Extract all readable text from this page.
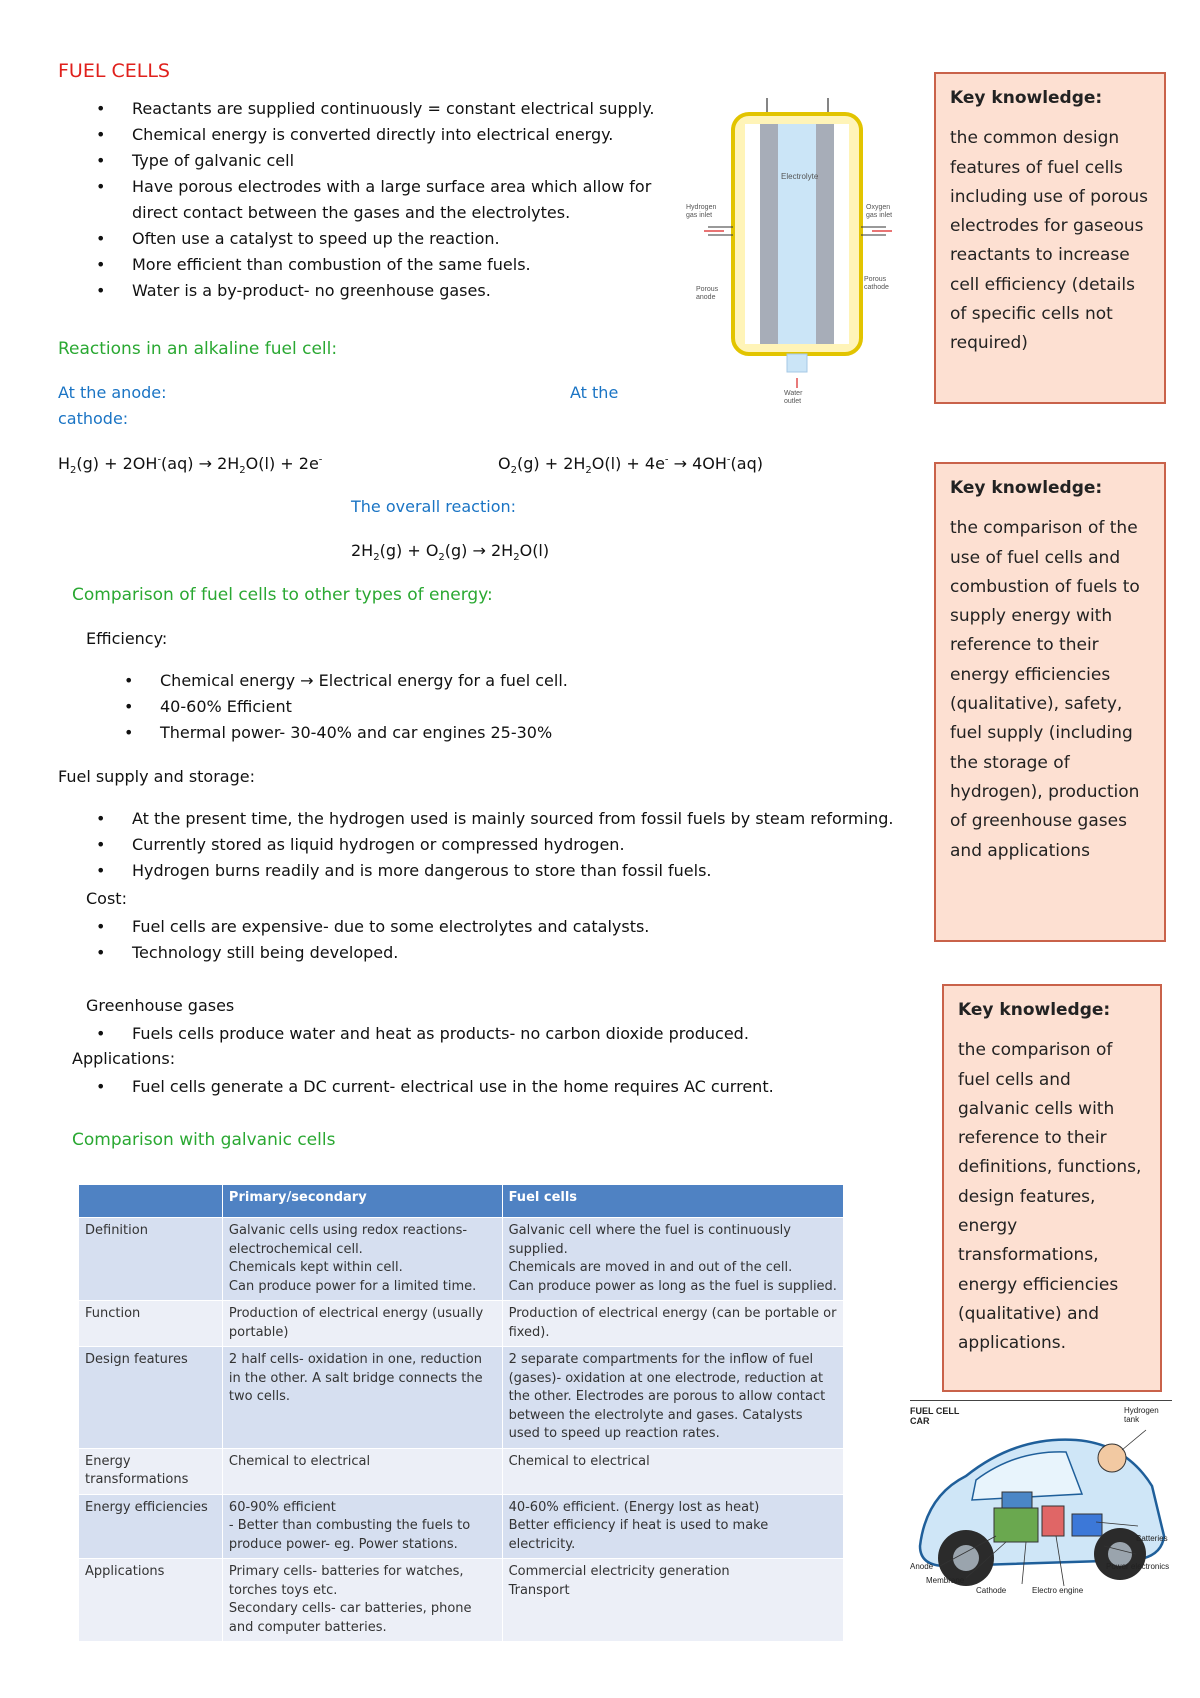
FUEL CELLS
• Reactants are supplied continuously = constant electrical supply.
• Chemical energy is converted directly into electrical energy.
• Type of galvanic cell
• Have porous electrodes with a large surface area which allow for direct contact between the gases and the electrolytes.
• Often use a catalyst to speed up the reaction.
• More efficient than combustion of the same fuels.
• Water is a by-product- no greenhouse gases.
Reactions in an alkaline fuel cell:
At the anode:	At the
cathode:
$H_2(g) + 2OH^-(aq) \to 2H_2O(l) + 2e^-$	$O_2(g) + 2H_2O(l) + 4e^- \to 4OH^-(aq)$
The overall reaction:
$2H_2(g) + O_2(g) \to 2H_2O(l)$
Comparison of fuel cells to other types of energy:
Efficiency:
• Chemical energy → Electrical energy for a fuel cell.
• 40-60% Efficient
• Thermal power- 30-40% and car engines 25-30%
Fuel supply and storage:
• At the present time, the hydrogen used is mainly sourced from fossil fuels by steam reforming.
• Currently stored as liquid hydrogen or compressed hydrogen.
• Hydrogen burns readily and is more dangerous to store than fossil fuels.
Cost:
• Fuel cells are expensive- due to some electrolytes and catalysts.
• Technology still being developed.
Greenhouse gases
• Fuels cells produce water and heat as products- no carbon dioxide produced.
Applications:
• Fuel cells generate a DC current- electrical use in the home requires AC current.
Comparison with galvanic cells
Electrolyte
Hydrogen gas inlet
Oxygen gas inlet
Porous anode
Porous cathode
Water outlet
Key knowledge:
the common design features of fuel cells including use of porous electrodes for gaseous reactants to increase cell efficiency (details of specific cells not required)
Key knowledge:
the comparison of the use of fuel cells and combustion of fuels to supply energy with reference to their energy efficiencies (qualitative), safety, fuel supply (including the storage of hydrogen), production of greenhouse gases and applications
Key knowledge:
the comparison of fuel cells and galvanic cells with reference to their definitions, functions, design features, energy transformations, energy efficiencies (qualitative) and applications.
FUEL CELL CAR
Hydrogen tank
Batteries
Power electronics
Anode
Membrane
Cathode	Electro engine
	Primary/secondary	Fuel cells
Definition	Galvanic cells using redox reactions- electrochemical cell.
Chemicals kept within cell.
Can produce power for a limited time.	Galvanic cell where the fuel is continuously supplied.
Chemicals are moved in and out of the cell.
Can produce power as long as the fuel is supplied.
Function	Production of electrical energy (usually portable)	Production of electrical energy (can be portable or fixed).
Design features	2 half cells- oxidation in one, reduction in the other. A salt bridge connects the two cells.	2 separate compartments for the inflow of fuel (gases)- oxidation at one electrode, reduction at the other. Electrodes are porous to allow contact between the electrolyte and gases. Catalysts used to speed up reaction rates.
Energy transformations	Chemical to electrical	Chemical to electrical
Energy efficiencies	60-90% efficient
- Better than combusting the fuels to produce power- eg. Power stations.	40-60% efficient. (Energy lost as heat)
Better efficiency if heat is used to make electricity.
Applications	Primary cells- batteries for watches, torches toys etc.
Secondary cells- car batteries, phone and computer batteries.	Commercial electricity generation
Transport
